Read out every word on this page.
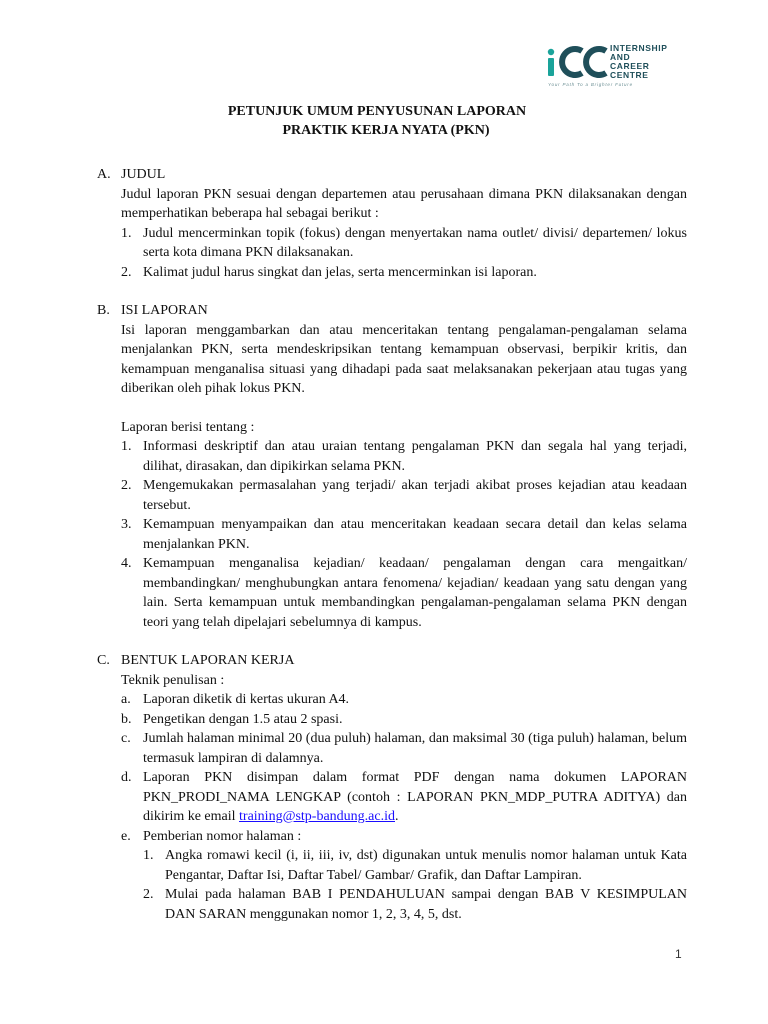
INTERNSHIP
AND
CAREER
CENTRE
Your Path To a Brighter Future
PETUNJUK UMUM PENYUSUNAN LAPORAN
PRAKTIK KERJA NYATA (PKN)
A. JUDUL
Judul laporan PKN sesuai dengan departemen atau perusahaan dimana PKN dilaksanakan dengan memperhatikan beberapa hal sebagai berikut :
1. Judul mencerminkan topik (fokus) dengan menyertakan nama outlet/ divisi/ departemen/ lokus serta kota dimana PKN dilaksanakan.
2. Kalimat judul harus singkat dan jelas, serta mencerminkan isi laporan.
B. ISI LAPORAN
Isi laporan menggambarkan dan atau menceritakan tentang pengalaman-pengalaman selama menjalankan PKN, serta mendeskripsikan tentang kemampuan observasi, berpikir kritis, dan kemampuan menganalisa situasi yang dihadapi pada saat melaksanakan pekerjaan atau tugas yang diberikan oleh pihak lokus PKN.
Laporan berisi tentang :
1. Informasi deskriptif dan atau uraian tentang pengalaman PKN dan segala hal yang terjadi, dilihat, dirasakan, dan dipikirkan selama PKN.
2. Mengemukakan permasalahan yang terjadi/ akan terjadi akibat proses kejadian atau keadaan tersebut.
3. Kemampuan menyampaikan dan atau menceritakan keadaan secara detail dan kelas selama menjalankan PKN.
4. Kemampuan menganalisa kejadian/ keadaan/ pengalaman dengan cara mengaitkan/ membandingkan/ menghubungkan antara fenomena/ kejadian/ keadaan yang satu dengan yang lain. Serta kemampuan untuk membandingkan pengalaman-pengalaman selama PKN dengan teori yang telah dipelajari sebelumnya di kampus.
C. BENTUK LAPORAN KERJA
Teknik penulisan :
a. Laporan diketik di kertas ukuran A4.
b. Pengetikan dengan 1.5 atau 2 spasi.
c. Jumlah halaman minimal 20 (dua puluh) halaman, dan maksimal 30 (tiga puluh) halaman, belum termasuk lampiran di dalamnya.
d. Laporan PKN disimpan dalam format PDF dengan nama dokumen LAPORAN PKN_PRODI_NAMA LENGKAP (contoh : LAPORAN PKN_MDP_PUTRA ADITYA) dan dikirim ke email training@stp-bandung.ac.id.
e. Pemberian nomor halaman :
1. Angka romawi kecil (i, ii, iii, iv, dst) digunakan untuk menulis nomor halaman untuk Kata Pengantar, Daftar Isi, Daftar Tabel/ Gambar/ Grafik, dan Daftar Lampiran.
2. Mulai pada halaman BAB I PENDAHULUAN sampai dengan BAB V KESIMPULAN DAN SARAN menggunakan nomor 1, 2, 3, 4, 5, dst.
1
